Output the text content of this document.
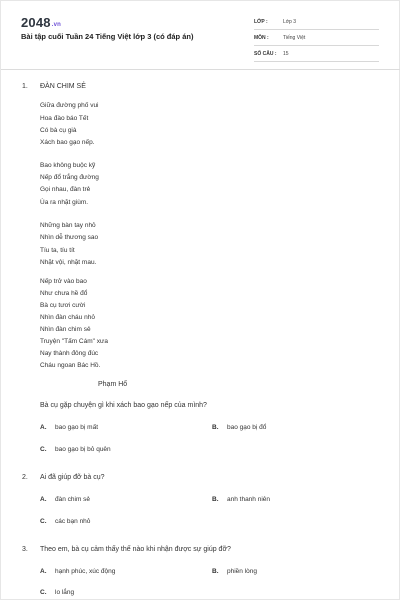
2048.vn
Bài tập cuối Tuần 24 Tiếng Việt lớp 3 (có đáp án)
LỚP :	Lớp 3
MÔN :	Tiếng Việt
SỐ CÂU :	15
1. ĐÀN CHIM SẺ
Giữa đường phố vui
Hoa đào báo Tết
Có bà cụ già
Xách bao gạo nếp.
Bao không buộc kỹ
Nếp đổ trắng đường
Gọi nhau, đàn trẻ
Ùa ra nhặt giùm.
Những bàn tay nhỏ
Nhìn dễ thương sao
Tíu ta, tíu tít
Nhặt vội, nhặt mau.
Nếp trở vào bao
Như chưa hề đổ
Bà cụ tươi cười
Nhìn đàn cháu nhỏ
Nhìn đàn chim sẻ
Truyện "Tấm Cám" xưa
Nay thành đông đúc
Cháu ngoan Bác Hồ.
Phạm Hổ
Bà cụ gặp chuyện gì khi xách bao gạo nếp của mình?
A. bao gạo bị mất	B. bao gạo bị đổ
C. bao gạo bị bỏ quên
2. Ai đã giúp đỡ bà cụ?
A. đàn chim sẻ	B. anh thanh niên
C. các bạn nhỏ
3. Theo em, bà cụ cảm thấy thế nào khi nhận được sự giúp đỡ?
A. hạnh phúc, xúc động	B. phiền lòng
C. lo lắng
